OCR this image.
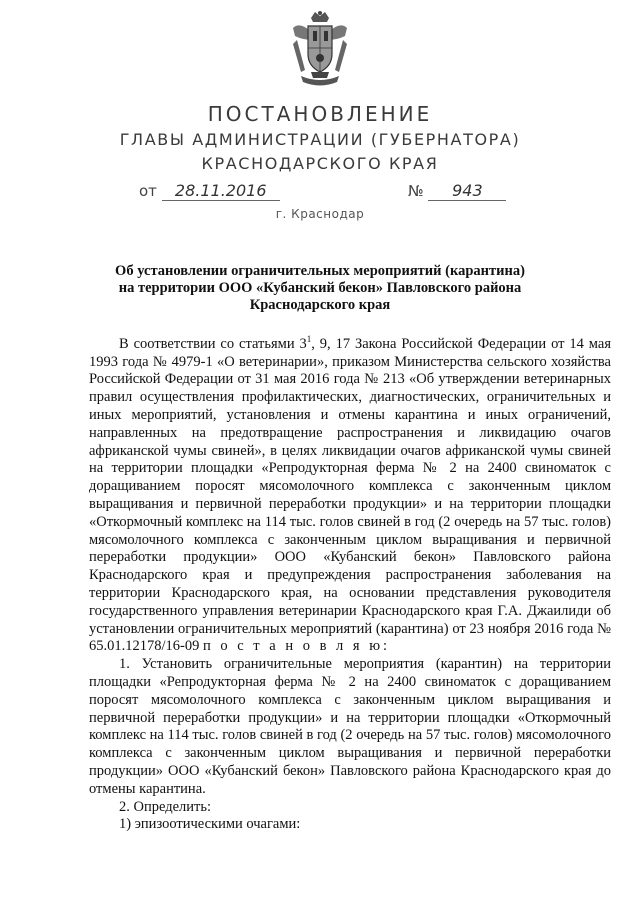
ПОСТАНОВЛЕНИЕ
ГЛАВЫ АДМИНИСТРАЦИИ (ГУБЕРНАТОРА)
КРАСНОДАРСКОГО КРАЯ
от 28.11.2016	№ 943
г. Краснодар
Об установлении ограничительных мероприятий (карантина)
на территории ООО «Кубанский бекон» Павловского района
Краснодарского края

В соответствии со статьями $3^1$, 9, 17 Закона Российской Федерации от 14 мая 1993 года № 4979-1 «О ветеринарии», приказом Министерства сельского хозяйства Российской Федерации от 31 мая 2016 года № 213 «Об утверждении ветеринарных правил осуществления профилактических, диагностических, ограничительных и иных мероприятий, установления и отмены карантина и иных ограничений, направленных на предотвращение распространения и ликвидацию очагов африканской чумы свиней», в целях ликвидации очагов африканской чумы свиней на территории площадки «Репродукторная ферма № 2 на 2400 свиноматок с доращиванием поросят мясомолочного комплекса с законченным циклом выращивания и первичной переработки продукции» и на территории площадки «Откормочный комплекс на 114 тыс. голов свиней в год (2 очередь на 57 тыс. голов) мясомолочного комплекса с законченным циклом выращивания и первичной переработки продукции» ООО «Кубанский бекон» Павловского района Краснодарского края и предупреждения распространения заболевания на территории Краснодарского края, на основании представления руководителя государственного управления ветеринарии Краснодарского края Г.А. Джаилиди об установлении ограничительных мероприятий (карантина) от 23 ноября 2016 года № 65.01.12178/16-09 п о с т а н о в л я ю:

1. Установить ограничительные мероприятия (карантин) на территории площадки «Репродукторная ферма № 2 на 2400 свиноматок с доращиванием поросят мясомолочного комплекса с законченным циклом выращивания и первичной переработки продукции» и на территории площадки «Откормочный комплекс на 114 тыс. голов свиней в год (2 очередь на 57 тыс. голов) мясомолочного комплекса с законченным циклом выращивания и первичной переработки продукции» ООО «Кубанский бекон» Павловского района Краснодарского края до отмены карантина.

2. Определить:

1) эпизоотическими очагами:
